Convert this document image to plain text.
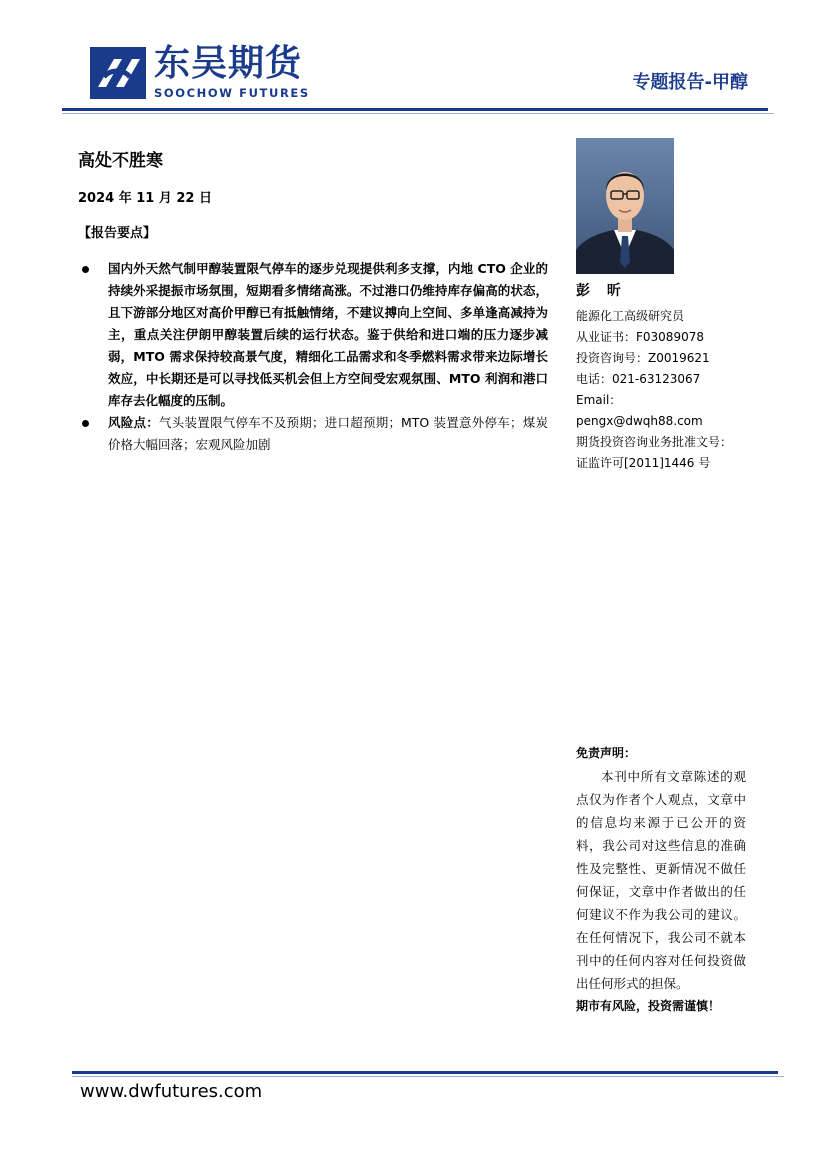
东吴期货
SOOCHOW FUTURES	专题报告-甲醇
高处不胜寒
2024 年 11 月 22 日
【报告要点】
国内外天然气制甲醇装置限气停车的逐步兑现提供利多支撑，内地 CTO 企业的持续外采提振市场氛围，短期看多情绪高涨。不过港口仍维持库存偏高的状态，且下游部分地区对高价甲醇已有抵触情绪，不建议搏向上空间、多单逢高减持为主，重点关注伊朗甲醇装置后续的运行状态。鉴于供给和进口端的压力逐步减弱，MTO 需求保持较高景气度，精细化工品需求和冬季燃料需求带来边际增长效应，中长期还是可以寻找低买机会但上方空间受宏观氛围、MTO 利润和港口库存去化幅度的压制。
风险点：气头装置限气停车不及预期；进口超预期；MTO 装置意外停车；煤炭价格大幅回落；宏观风险加剧
彭 昕
能源化工高级研究员
从业证书：F03089078
投资咨询号：Z0019621
电话：021-63123067
Email：
pengx@dwqh88.com
期货投资咨询业务批准文号：
证监许可[2011]1446 号
免责声明：
本刊中所有文章陈述的观点仅为作者个人观点，文章中的信息均来源于已公开的资料，我公司对这些信息的准确性及完整性、更新情况不做任何保证，文章中作者做出的任何建议不作为我公司的建议。在任何情况下，我公司不就本刊中的任何内容对任何投资做出任何形式的担保。
期市有风险，投资需谨慎！
www.dwfutures.com
